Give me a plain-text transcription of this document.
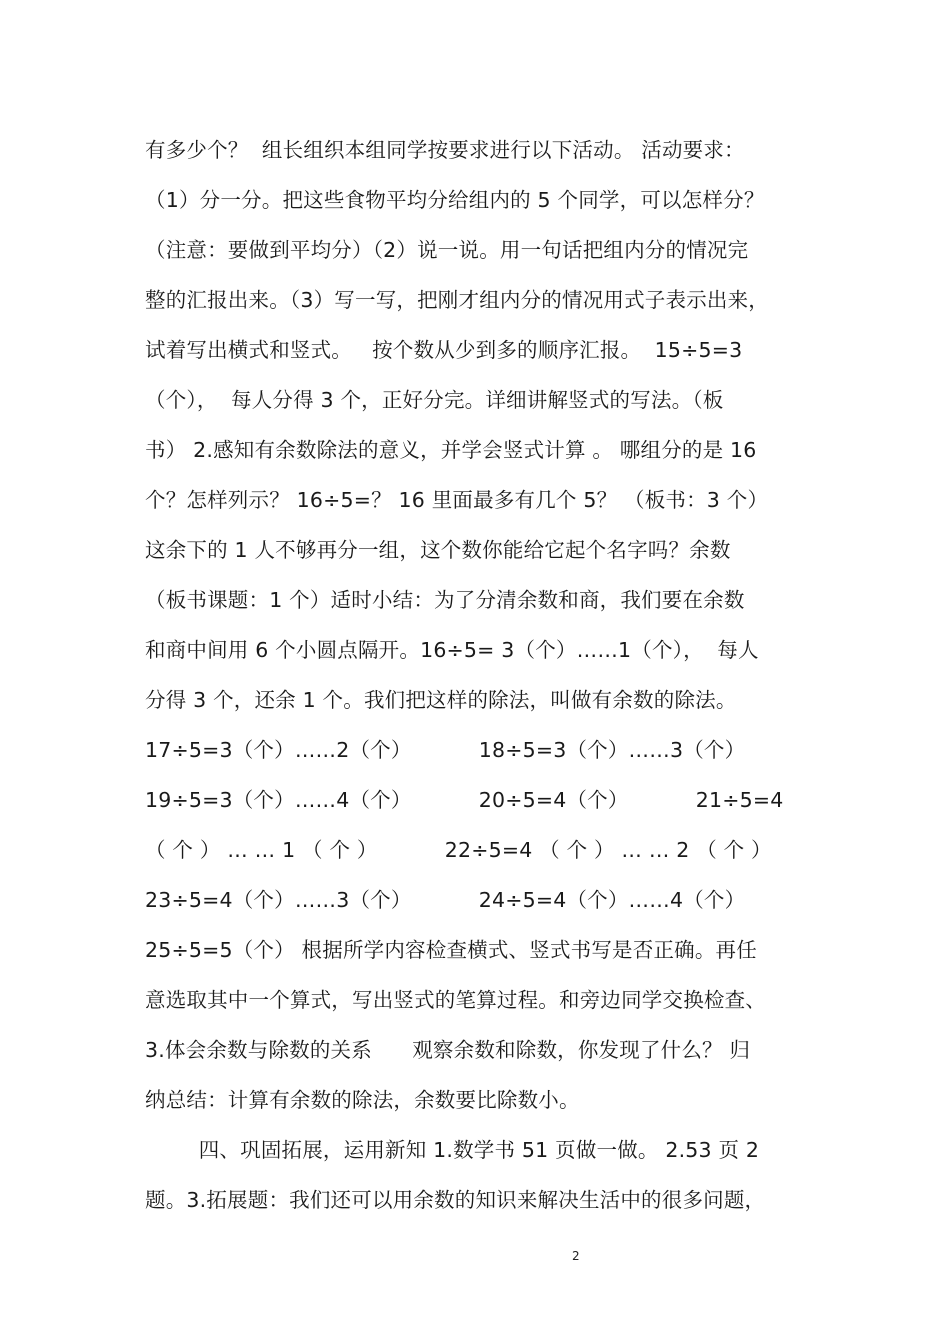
有多少个？  组长组织本组同学按要求进行以下活动。 活动要求：
（1）分一分。把这些食物平均分给组内的 5 个同学，可以怎样分？
（注意：要做到平均分）（2）说一说。用一句话把组内分的情况完
整的汇报出来。（3）写一写，把刚才组内分的情况用式子表示出来，
试着写出横式和竖式。   按个数从少到多的顺序汇报。  15÷5=3
（个），  每人分得 3 个，正好分完。详细讲解竖式的写法。（板
书） 2.感知有余数除法的意义，并学会竖式计算 。 哪组分的是 16
个？怎样列示？ 16÷5=？ 16 里面最多有几个 5？ （板书：3 个）
这余下的 1 人不够再分一组，这个数你能给它起个名字吗？余数
（板书课题：1 个）适时小结：为了分清余数和商，我们要在余数
和商中间用 6 个小圆点隔开。16÷5= 3（个）……1（个），  每人
分得 3 个，还余 1 个。我们把这样的除法，叫做有余数的除法。
17÷5=3（个）……2（个）          18÷5=3（个）……3（个）
19÷5=3（个）……4（个）          20÷5=4（个）          21÷5=4
（ 个 ） … … 1 （ 个 ）          22÷5=4 （ 个 ） … … 2 （ 个 ）
23÷5=4（个）……3（个）          24÷5=4（个）……4（个）
25÷5=5（个） 根据所学内容检查横式、竖式书写是否正确。再任
意选取其中一个算式，写出竖式的笔算过程。和旁边同学交换检查、
3.体会余数与除数的关系      观察余数和除数，你发现了什么？ 归
纳总结：计算有余数的除法，余数要比除数小。
四、巩固拓展，运用新知 1.数学书 51 页做一做。 2.53 页 2
题。3.拓展题：我们还可以用余数的知识来解决生活中的很多问题，
2
